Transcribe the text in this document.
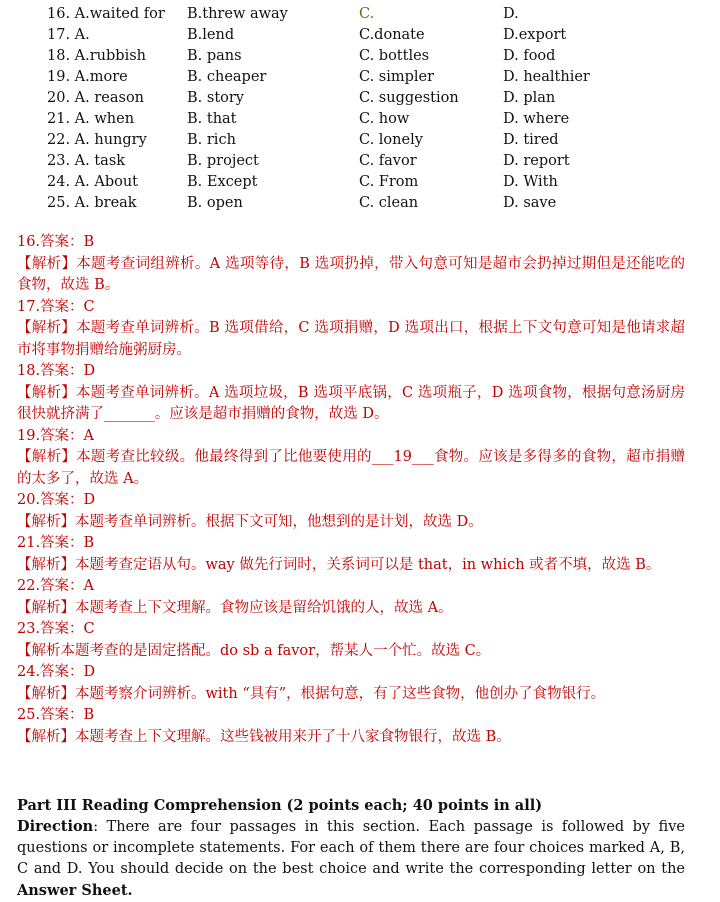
16. A.waited for B.threw away	C.	D.
17. A.	B.lend	C.donate	D.export
18. A.rubbish	B. pans	C. bottles	D. food
19. A.more	B. cheaper	C. simpler	D. healthier
20. A. reason	B. story	C. suggestion	D. plan
21. A. when	B. that	C. how	D. where
22. A. hungry	B. rich	C. lonely	D. tired
23. A. task	B. project	C. favor	D. report
24. A. About	B. Except	C. From	D. With
25. A. break	B. open	C. clean	D. save
16.答案：B
【解析】本题考查词组辨析。A 选项等待，B 选项扔掉，带入句意可知是超市会扔掉过期但是还能吃的食物，故选 B。
17.答案：C
【解析】本题考查单词辨析。B 选项借给，C 选项捐赠，D 选项出口，根据上下文句意可知是他请求超市将事物捐赠给施粥厨房。
18.答案：D
【解析】本题考查单词辨析。A 选项垃圾，B 选项平底锅，C 选项瓶子，D 选项食物，根据句意汤厨房很快就挤满了_______。应该是超市捐赠的食物，故选 D。
19.答案：A
【解析】本题考查比较级。他最终得到了比他要使用的___19___食物。应该是多得多的食物，超市捐赠的太多了，故选 A。
20.答案：D
【解析】本题考查单词辨析。根据下文可知，他想到的是计划，故选 D。
21.答案：B
【解析】本题考查定语从句。way 做先行词时，关系词可以是 that，in which 或者不填，故选 B。
22.答案：A
【解析】本题考查上下文理解。食物应该是留给饥饿的人，故选 A。
23.答案：C
【解析本题考查的是固定搭配。do sb a favor，帮某人一个忙。故选 C。
24.答案：D
【解析】本题考察介词辨析。with “具有”，根据句意，有了这些食物，他创办了食物银行。
25.答案：B
【解析】本题考查上下文理解。这些钱被用来开了十八家食物银行，故选 B。

Part III Reading Comprehension (2 points each; 40 points in all)

Direction: There are four passages in this section. Each passage is followed by five questions or incomplete statements. For each of them there are four choices marked A, B, C and D. You should decide on the best choice and write the corresponding letter on the Answer Sheet.
